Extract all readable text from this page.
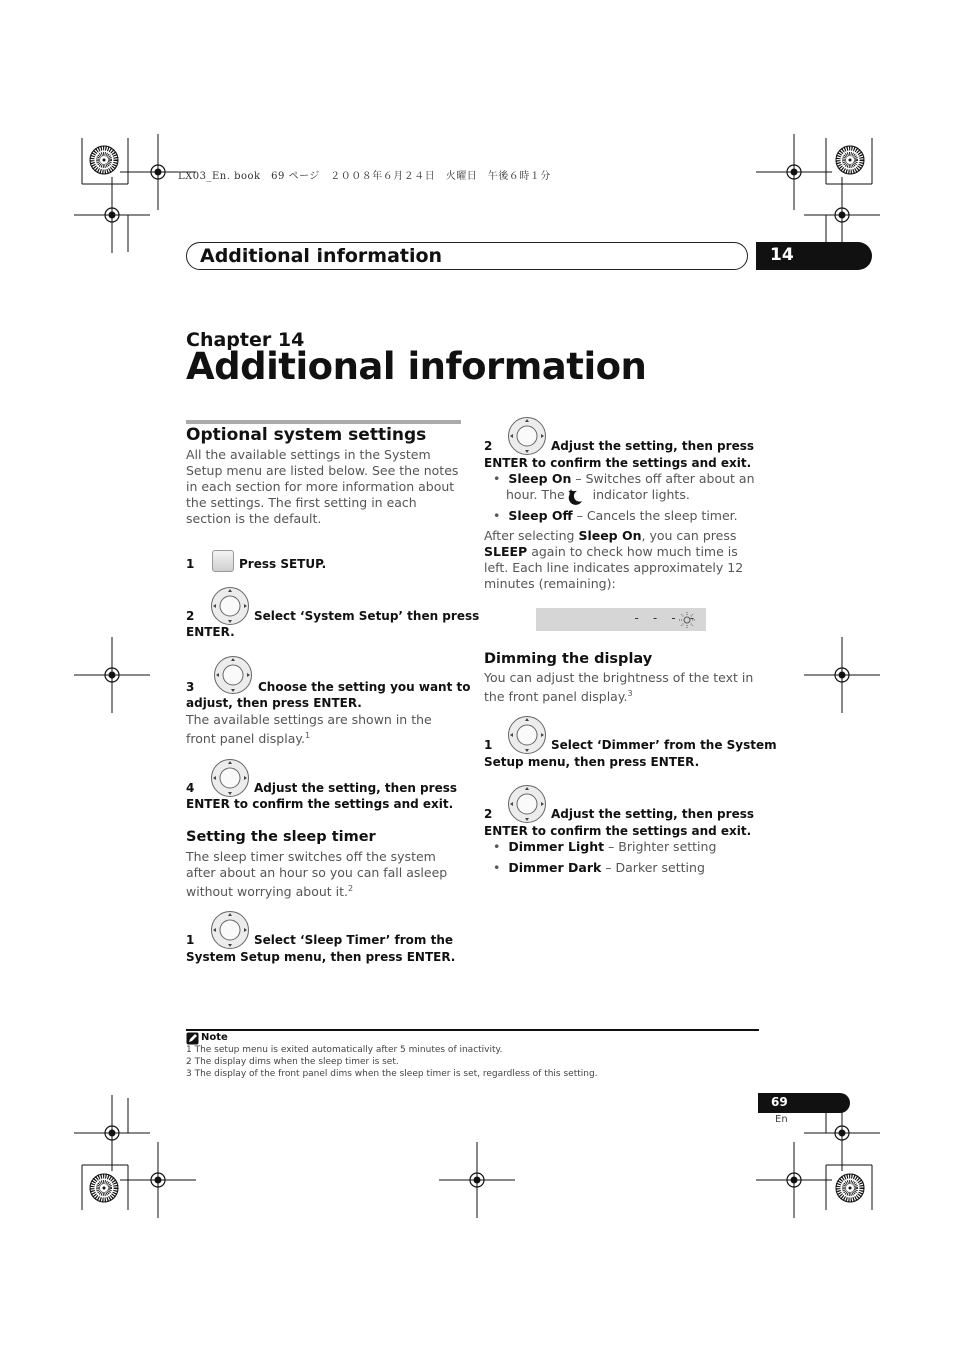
LX03_En. book　69 ページ　２００８年６月２４日　火曜日　午後６時１分
Additional information	14
Chapter 14
Additional information
Optional system settings
All the available settings in the System Setup menu are listed below. See the notes in each section for more information about the settings. The first setting in each section is the default.
1	Press SETUP.
2	Select ‘System Setup’ then press
ENTER.
3	Choose the setting you want to
adjust, then press ENTER.
The available settings are shown in the front panel display.$^1$
4	Adjust the setting, then press
ENTER to confirm the settings and exit.
Setting the sleep timer
The sleep timer switches off the system after about an hour so you can fall asleep without worrying about it.$^2$
1	Select ‘Sleep Timer’ from the
System Setup menu, then press ENTER.
2	Adjust the setting, then press
ENTER to confirm the settings and exit.
•  Sleep On – Switches off after about an
hour. The  indicator lights.
•  Sleep Off – Cancels the sleep timer.
After selecting Sleep On, you can press SLEEP again to check how much time is left. Each line indicates approximately 12 minutes (remaining):
- - - -
Dimming the display
You can adjust the brightness of the text in the front panel display.$^3$
1	Select ‘Dimmer’ from the System
Setup menu, then press ENTER.
2	Adjust the setting, then press
ENTER to confirm the settings and exit.
•  Dimmer Light – Brighter setting
•  Dimmer Dark – Darker setting
Note
1 The setup menu is exited automatically after 5 minutes of inactivity.
2 The display dims when the sleep timer is set.
3 The display of the front panel dims when the sleep timer is set, regardless of this setting.
69
En
